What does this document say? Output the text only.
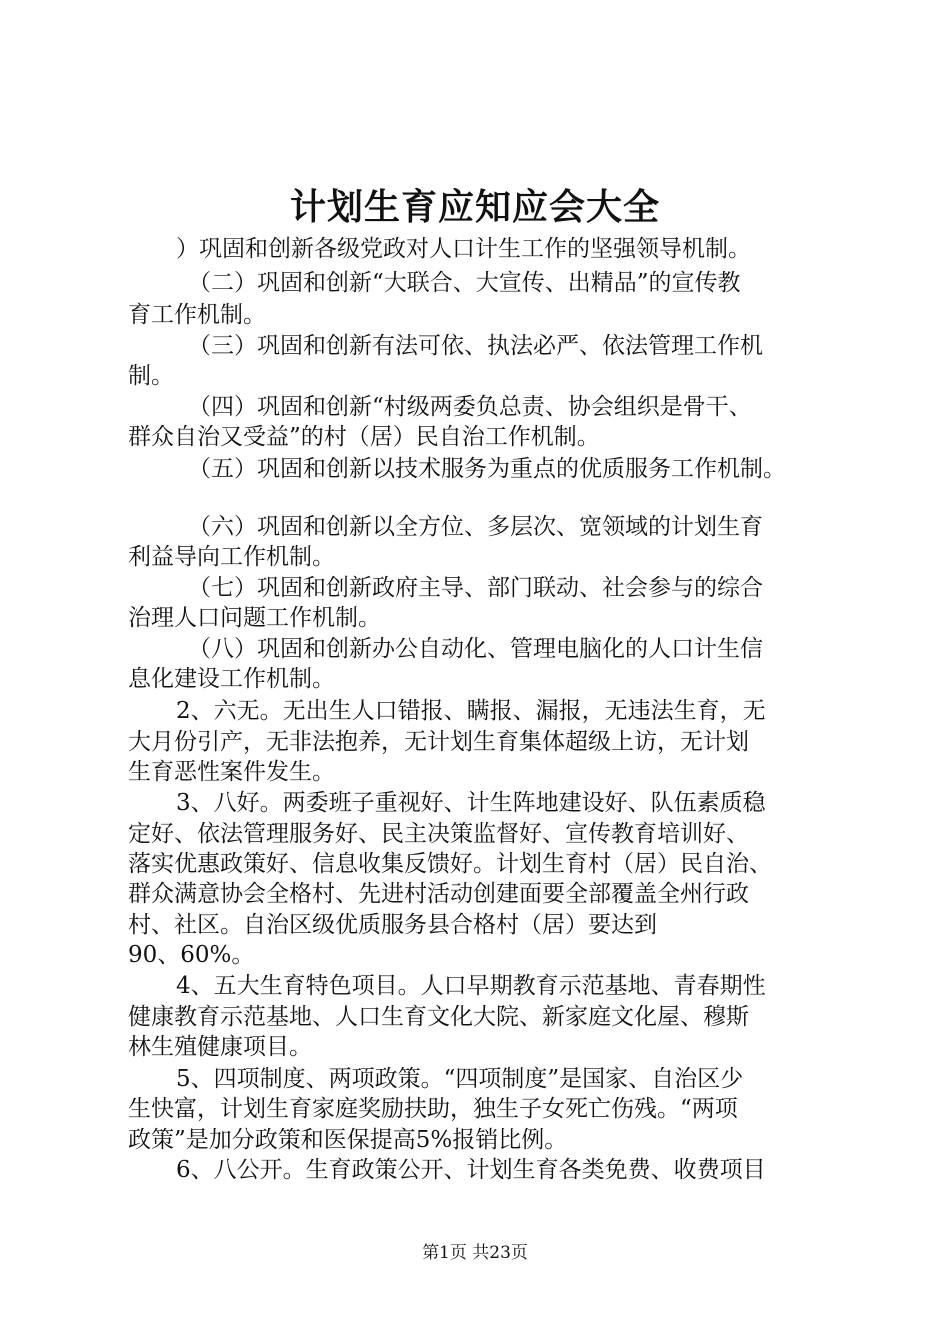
计划生育应知应会大全
）巩固和创新各级党政对人口计生工作的坚强领导机制。
（二）巩固和创新“大联合、大宣传、出精品”的宣传教
育工作机制。
（三）巩固和创新有法可依、执法必严、依法管理工作机
制。
（四）巩固和创新“村级两委负总责、协会组织是骨干、
群众自治又受益”的村（居）民自治工作机制。
（五）巩固和创新以技术服务为重点的优质服务工作机制。
（六）巩固和创新以全方位、多层次、宽领域的计划生育
利益导向工作机制。
（七）巩固和创新政府主导、部门联动、社会参与的综合
治理人口问题工作机制。
（八）巩固和创新办公自动化、管理电脑化的人口计生信
息化建设工作机制。
2、六无。无出生人口错报、瞒报、漏报，无违法生育，无
大月份引产，无非法抱养，无计划生育集体超级上访，无计划
生育恶性案件发生。
3、八好。两委班子重视好、计生阵地建设好、队伍素质稳
定好、依法管理服务好、民主决策监督好、宣传教育培训好、
落实优惠政策好、信息收集反馈好。计划生育村（居）民自治、
群众满意协会全格村、先进村活动创建面要全部覆盖全州行政
村、社区。自治区级优质服务县合格村（居）要达到
90、60%。
4、五大生育特色项目。人口早期教育示范基地、青春期性
健康教育示范基地、人口生育文化大院、新家庭文化屋、穆斯
林生殖健康项目。
5、四项制度、两项政策。“四项制度”是国家、自治区少
生快富，计划生育家庭奖励扶助，独生子女死亡伤残。“两项
政策”是加分政策和医保提高5%报销比例。
6、八公开。生育政策公开、计划生育各类免费、收费项目
第1页 共23页
